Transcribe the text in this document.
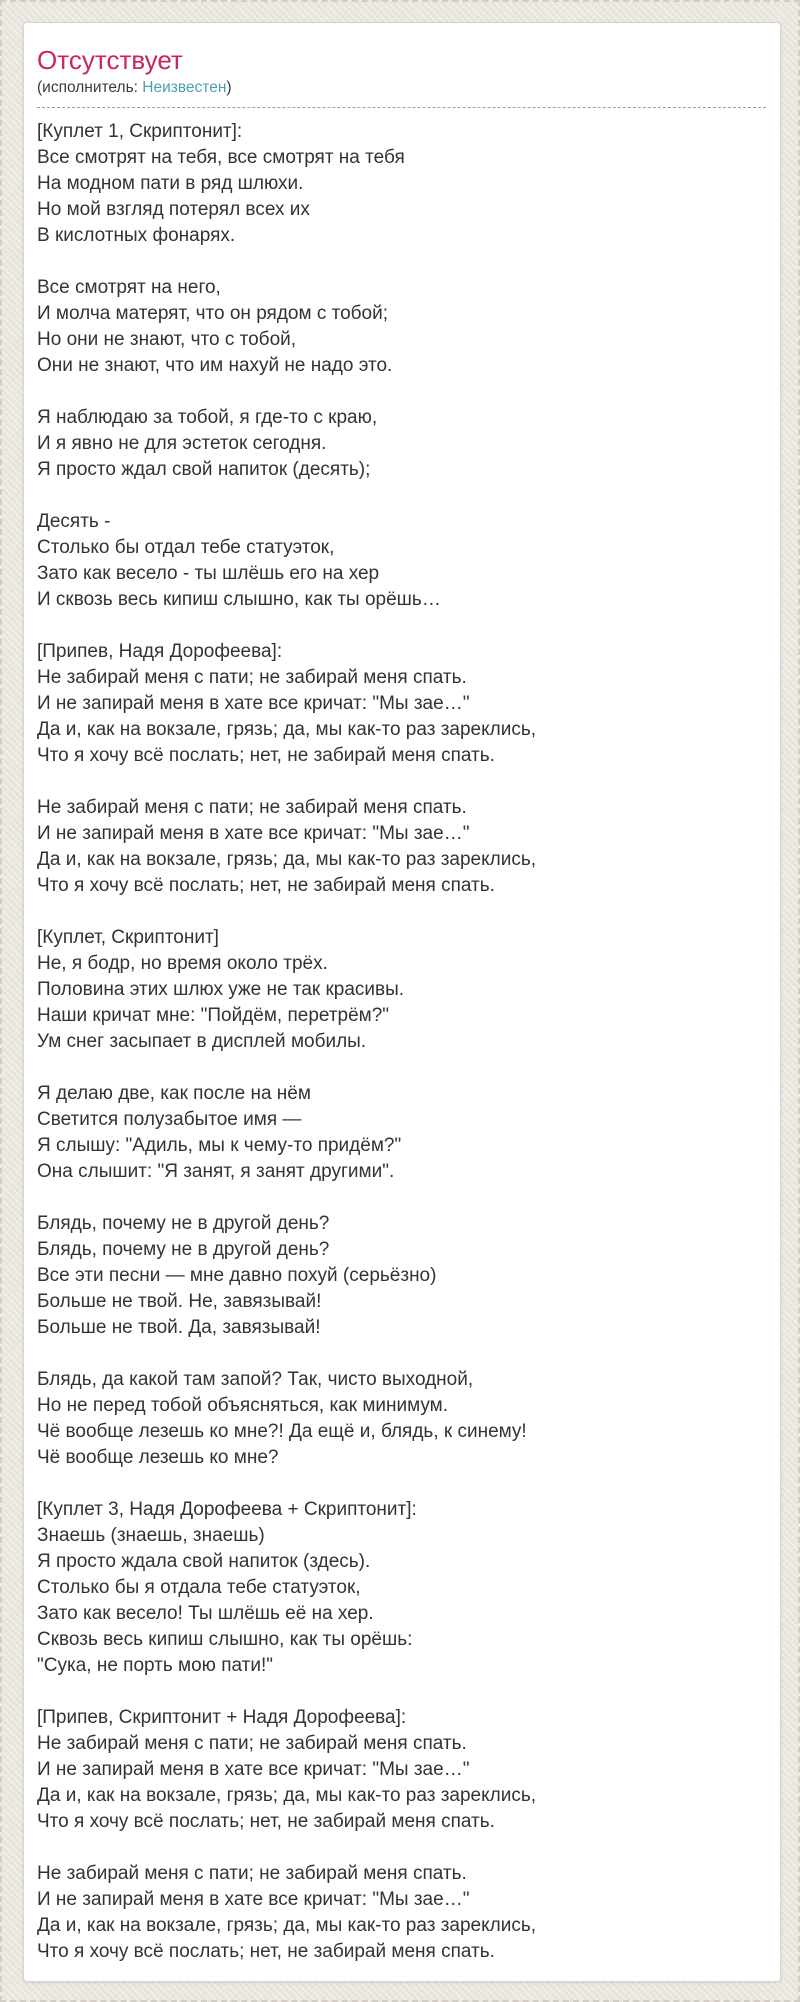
Отсутствует
(исполнитель: Неизвестен)

[Куплет 1, Скриптонит]:
Все смотрят на тебя, все смотрят на тебя
На модном пати в ряд шлюхи.
Но мой взгляд потерял всех их
В кислотных фонарях.

Все смотрят на него,
И молча матерят, что он рядом с тобой;
Но они не знают, что с тобой,
Они не знают, что им нахуй не надо это.

Я наблюдаю за тобой, я где-то с краю,
И я явно не для эстеток сегодня.
Я просто ждал свой напиток (десять);

Десять -
Столько бы отдал тебе статуэток,
Зато как весело - ты шлёшь его на хер
И сквозь весь кипиш слышно, как ты орёшь…

[Припев, Надя Дорофеева]:
Не забирай меня с пати; не забирай меня спать.
И не запирай меня в хате все кричат: "Мы зае…"
Да и, как на вокзале, грязь; да, мы как-то раз зареклись,
Что я хочу всё послать; нет, не забирай меня спать.

Не забирай меня с пати; не забирай меня спать.
И не запирай меня в хате все кричат: "Мы зае…"
Да и, как на вокзале, грязь; да, мы как-то раз зареклись,
Что я хочу всё послать; нет, не забирай меня спать.

[Куплет, Скриптонит]
Не, я бодр, но время около трёх.
Половина этих шлюх уже не так красивы.
Наши кричат мне: "Пойдём, перетрём?"
Ум снег засыпает в дисплей мобилы.

Я делаю две, как после на нём
Светится полузабытое имя —
Я слышу: "Адиль, мы к чему-то придём?"
Она слышит: "Я занят, я занят другими".

Блядь, почему не в другой день?
Блядь, почему не в другой день?
Все эти песни — мне давно похуй (серьёзно)
Больше не твой. Не, завязывай!
Больше не твой. Да, завязывай!

Блядь, да какой там запой? Так, чисто выходной,
Но не перед тобой объясняться, как минимум.
Чё вообще лезешь ко мне?! Да ещё и, блядь, к синему!
Чё вообще лезешь ко мне?

[Куплет 3, Надя Дорофеева + Скриптонит]:
Знаешь (знаешь, знаешь)
Я просто ждала свой напиток (здесь).
Столько бы я отдала тебе статуэток,
Зато как весело! Ты шлёшь её на хер.
Сквозь весь кипиш слышно, как ты орёшь:
"Сука, не порть мою пати!"

[Припев, Скриптонит + Надя Дорофеева]:
Не забирай меня с пати; не забирай меня спать.
И не запирай меня в хате все кричат: "Мы зае…"
Да и, как на вокзале, грязь; да, мы как-то раз зареклись,
Что я хочу всё послать; нет, не забирай меня спать.

Не забирай меня с пати; не забирай меня спать.
И не запирай меня в хате все кричат: "Мы зае…"
Да и, как на вокзале, грязь; да, мы как-то раз зареклись,
Что я хочу всё послать; нет, не забирай меня спать.
